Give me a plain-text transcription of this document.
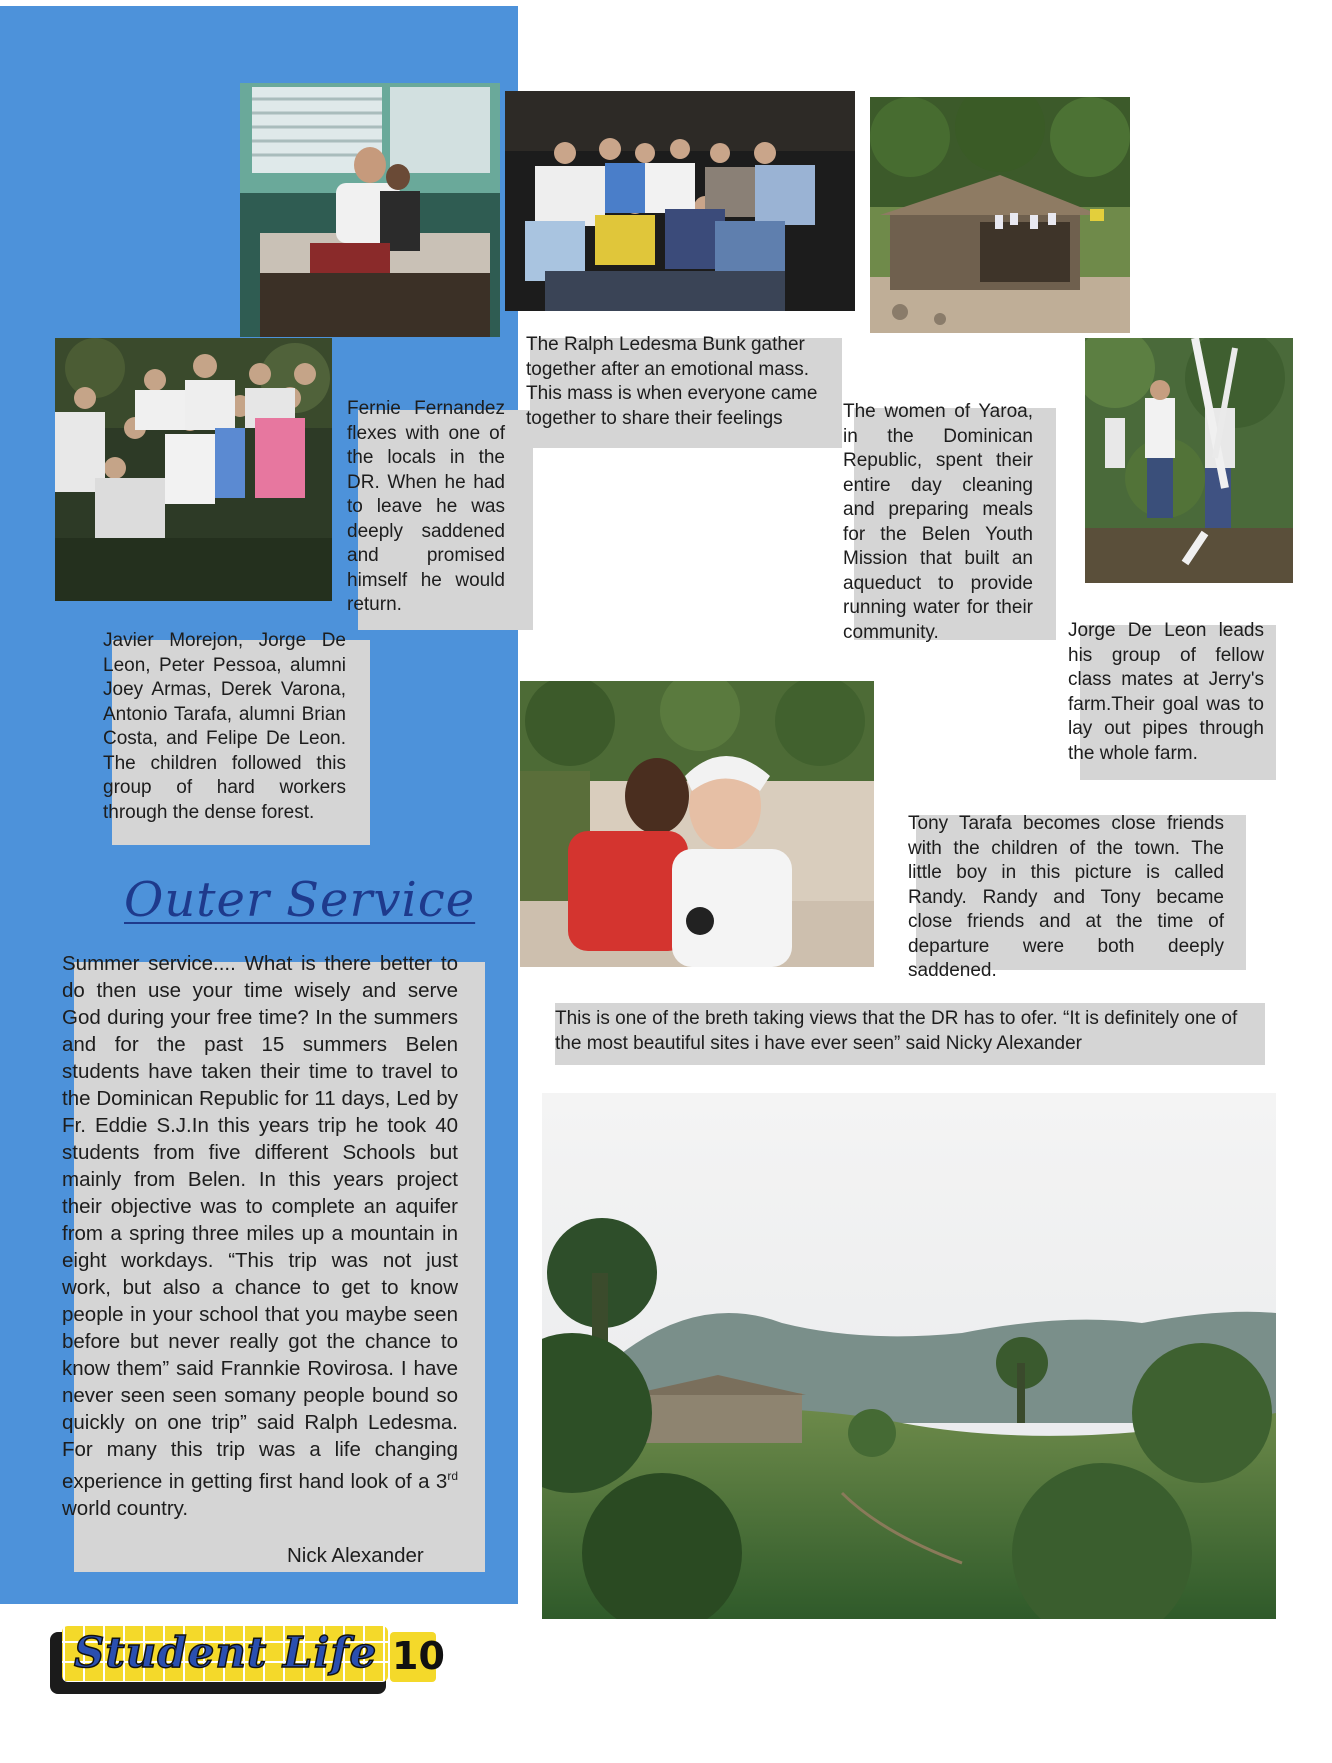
Fernie Fernandez flexes with one of the locals in the DR. When he had to leave he was deeply saddened and promised himself he would return.
The Ralph Ledesma Bunk gather together after an emotional mass. This mass is when everyone came together to share their feelings	The women of Yaroa, in the Dominican Republic, spent their entire day cleaning and preparing meals for the Belen Youth Mission that built an aqueduct to provide running water for their community.
Javier Morejon, Jorge De Leon, Peter Pessoa, alumni Joey Armas, Derek Varona, Antonio Tarafa, alumni Brian Costa, and Felipe De Leon. The children followed this group of hard workers through the dense forest.
Jorge De Leon leads his group of fellow class mates at Jerry's farm.Their goal was to lay out pipes through the whole farm.
Tony Tarafa becomes close friends with the children of the town. The little boy in this picture is called Randy. Randy and Tony became close friends and at the time of departure were both deeply saddened.
This is one of the breth taking views that the DR has to ofer. “It is definitely one of the most beautiful sites i have ever seen” said Nicky Alexander
Outer Service
Summer service.... What is there better to do then use your time wisely and serve God during your free time? In the summers and for the past 15 summers Belen students have taken their time to travel to the Dominican Republic for 11 days, Led by Fr. Eddie S.J.In this years trip he took 40 students from five different Schools but mainly from Belen. In this years project their objective was to complete an aquifer from a spring three miles up a mountain in eight workdays. “This trip was not just work, but also a chance to get to know people in your school that you maybe seen before but never really got the chance to know them” said Frannkie Rovirosa. I have never seen seen somany people bound so quickly on one trip” said Ralph Ledesma. For many this trip was a life changing experience in getting first hand look of a 3rd world country.
Nick Alexander
Student Life 10
